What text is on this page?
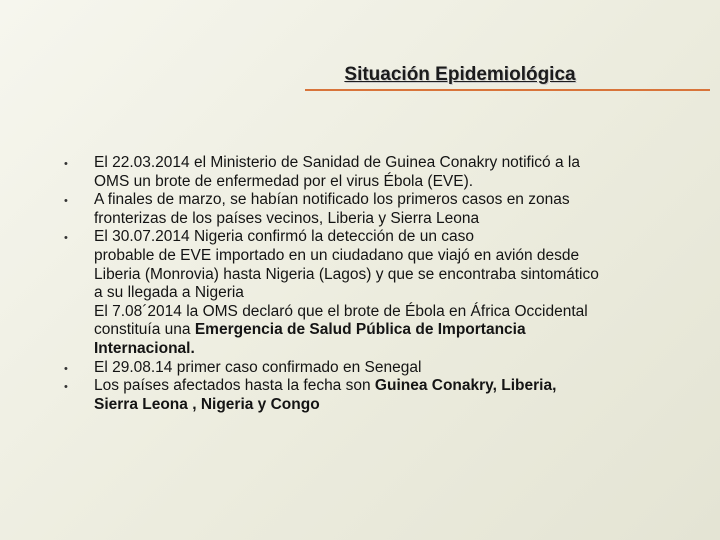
Situación Epidemiológica
• El 22.03.2014 el Ministerio de Sanidad de Guinea Conakry notificó a la
OMS un brote de enfermedad por el virus Ébola (EVE).
• A finales de marzo, se habían notificado los primeros casos en zonas
fronterizas de los países vecinos, Liberia y Sierra Leona
• El 30.07.2014 Nigeria confirmó la detección de un caso
probable de EVE importado en un ciudadano que viajó en avión desde
Liberia (Monrovia) hasta Nigeria (Lagos) y que se encontraba sintomático
a su llegada a Nigeria
El 7.08´2014 la OMS declaró que el brote de Ébola en África Occidental
constituía una Emergencia de Salud Pública de Importancia
Internacional.
• El 29.08.14 primer caso confirmado en Senegal
• Los países afectados hasta la fecha son Guinea Conakry, Liberia,
Sierra Leona , Nigeria y Congo
